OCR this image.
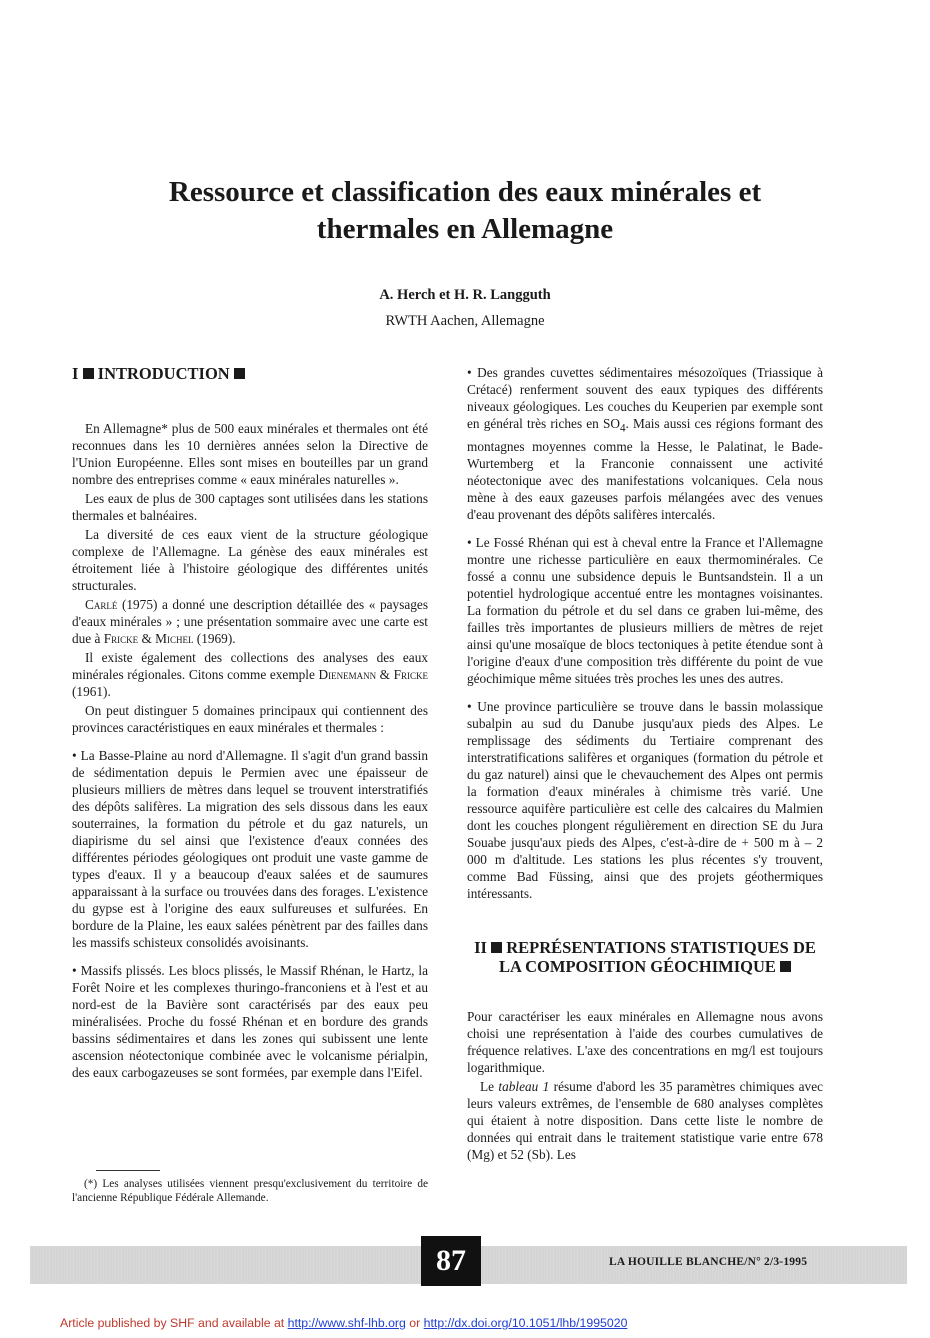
Ressource et classification des eaux minérales et
thermales en Allemagne
A. Herch et H. R. Langguth
RWTH Aachen, Allemagne
I INTRODUCTION

En Allemagne* plus de 500 eaux minérales et thermales ont été reconnues dans les 10 dernières années selon la Directive de l'Union Européenne. Elles sont mises en bouteilles par un grand nombre des entreprises comme « eaux minérales naturelles ».

Les eaux de plus de 300 captages sont utilisées dans les stations thermales et balnéaires.

La diversité de ces eaux vient de la structure géologique complexe de l'Allemagne. La génèse des eaux minérales est étroitement liée à l'histoire géologique des différentes unités structurales.

Carlé (1975) a donné une description détaillée des « paysages d'eaux minérales » ; une présentation sommaire avec une carte est due à Fricke & Michel (1969).

Il existe également des collections des analyses des eaux minérales régionales. Citons comme exemple Dienemann & Fricke (1961).

On peut distinguer 5 domaines principaux qui contiennent des provinces caractéristiques en eaux minérales et thermales :

• La Basse-Plaine au nord d'Allemagne. Il s'agit d'un grand bassin de sédimentation depuis le Permien avec une épaisseur de plusieurs milliers de mètres dans lequel se trouvent interstratifiés des dépôts salifères. La migration des sels dissous dans les eaux souterraines, la formation du pétrole et du gaz naturels, un diapirisme du sel ainsi que l'existence d'eaux connées des différentes périodes géologiques ont produit une vaste gamme de types d'eaux. Il y a beaucoup d'eaux salées et de saumures apparaissant à la surface ou trouvées dans des forages. L'existence du gypse est à l'origine des eaux sulfureuses et sulfurées. En bordure de la Plaine, les eaux salées pénètrent par des failles dans les massifs schisteux consolidés avoisinants.

• Massifs plissés. Les blocs plissés, le Massif Rhénan, le Hartz, la Forêt Noire et les complexes thuringo-franconiens et à l'est et au nord-est de la Bavière sont caractérisés par des eaux peu minéralisées. Proche du fossé Rhénan et en bordure des grands bassins sédimentaires et dans les zones qui subissent une lente ascension néotectonique combinée avec le volcanisme périalpin, des eaux carbogazeuses se sont formées, par exemple dans l'Eifel.

(*) Les analyses utilisées viennent presqu'exclusivement du territoire de l'ancienne République Fédérale Allemande.

• Des grandes cuvettes sédimentaires mésozoïques (Triassique à Crétacé) renferment souvent des eaux typiques des différents niveaux géologiques. Les couches du Keuperien par exemple sont en général très riches en $SO_4$. Mais aussi ces régions formant des montagnes moyennes comme la Hesse, le Palatinat, le Bade-Wurtemberg et la Franconie connaissent une activité néotectonique avec des manifestations volcaniques. Cela nous mène à des eaux gazeuses parfois mélangées avec des venues d'eau provenant des dépôts salifères intercalés.

• Le Fossé Rhénan qui est à cheval entre la France et l'Allemagne montre une richesse particulière en eaux thermominérales. Ce fossé a connu une subsidence depuis le Buntsandstein. Il a un potentiel hydrologique accentué entre les montagnes voisinantes. La formation du pétrole et du sel dans ce graben lui-même, des failles très importantes de plusieurs milliers de mètres de rejet ainsi qu'une mosaïque de blocs tectoniques à petite étendue sont à l'origine d'eaux d'une composition très différente du point de vue géochimique même situées très proches les unes des autres.

• Une province particulière se trouve dans le bassin molassique subalpin au sud du Danube jusqu'aux pieds des Alpes. Le remplissage des sédiments du Tertiaire comprenant des interstratifications salifères et organiques (formation du pétrole et du gaz naturel) ainsi que le chevauchement des Alpes ont permis la formation d'eaux minérales à chimisme très varié. Une ressource aquifère particulière est celle des calcaires du Malmien dont les couches plongent régulièrement en direction SE du Jura Souabe jusqu'aux pieds des Alpes, c'est-à-dire de + 500 m à – 2 000 m d'altitude. Les stations les plus récentes s'y trouvent, comme Bad Füssing, ainsi que des projets géothermiques intéressants.

II REPRÉSENTATIONS STATISTIQUES DE
LA COMPOSITION GÉOCHIMIQUE

Pour caractériser les eaux minérales en Allemagne nous avons choisi une représentation à l'aide des courbes cumulatives de fréquence relatives. L'axe des concentrations en mg/l est toujours logarithmique.

Le tableau 1 résume d'abord les 35 paramètres chimiques avec leurs valeurs extrêmes, de l'ensemble de 680 analyses complètes qui étaient à notre disposition. Dans cette liste le nombre de données qui entrait dans le traitement statistique varie entre 678 (Mg) et 52 (Sb). Les

87	LA HOUILLE BLANCHE/N° 2/3-1995
Article published by SHF and available at http://www.shf-lhb.org or http://dx.doi.org/10.1051/lhb/1995020
